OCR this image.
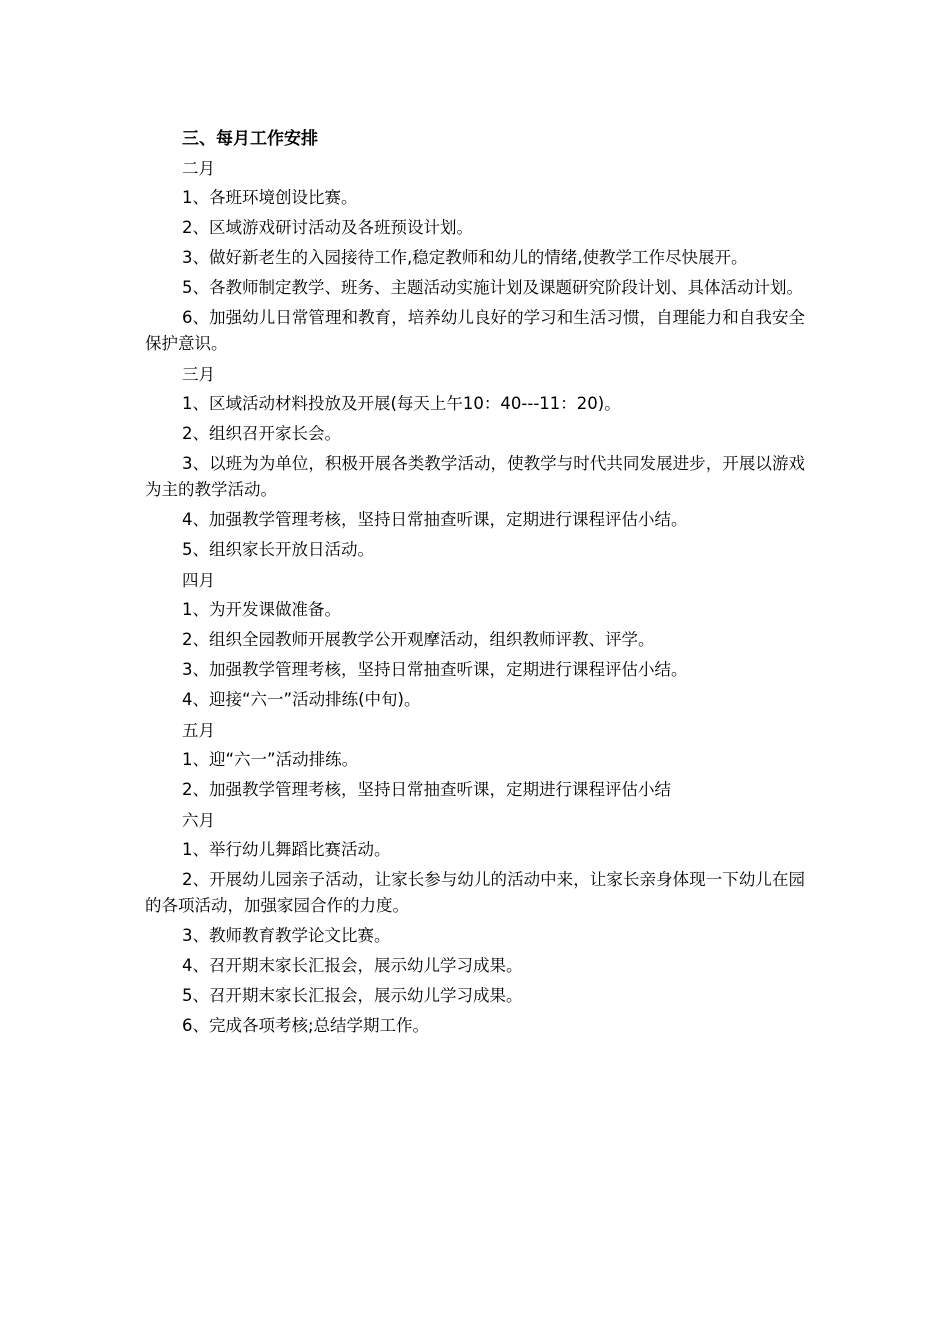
三、每月工作安排

二月

1、各班环境创设比赛。

2、区域游戏研讨活动及各班预设计划。

3、做好新老生的入园接待工作,稳定教师和幼儿的情绪,使教学工作尽快展开。

5、各教师制定教学、班务、主题活动实施计划及课题研究阶段计划、具体活动计划。

6、加强幼儿日常管理和教育，培养幼儿良好的学习和生活习惯，自理能力和自我安全保护意识。

三月

1、区域活动材料投放及开展(每天上午10：40---11：20)。

2、组织召开家长会。

3、以班为为单位，积极开展各类教学活动，使教学与时代共同发展进步，开展以游戏为主的教学活动。

4、加强教学管理考核，坚持日常抽查听课，定期进行课程评估小结。

5、组织家长开放日活动。

四月

1、为开发课做准备。

2、组织全园教师开展教学公开观摩活动，组织教师评教、评学。

3、加强教学管理考核，坚持日常抽查听课，定期进行课程评估小结。

4、迎接“六一”活动排练(中旬)。

五月

1、迎“六一”活动排练。

2、加强教学管理考核，坚持日常抽查听课，定期进行课程评估小结

六月

1、举行幼儿舞蹈比赛活动。

2、开展幼儿园亲子活动，让家长参与幼儿的活动中来，让家长亲身体现一下幼儿在园的各项活动，加强家园合作的力度。

3、教师教育教学论文比赛。

4、召开期末家长汇报会，展示幼儿学习成果。

5、召开期末家长汇报会，展示幼儿学习成果。

6、完成各项考核;总结学期工作。
